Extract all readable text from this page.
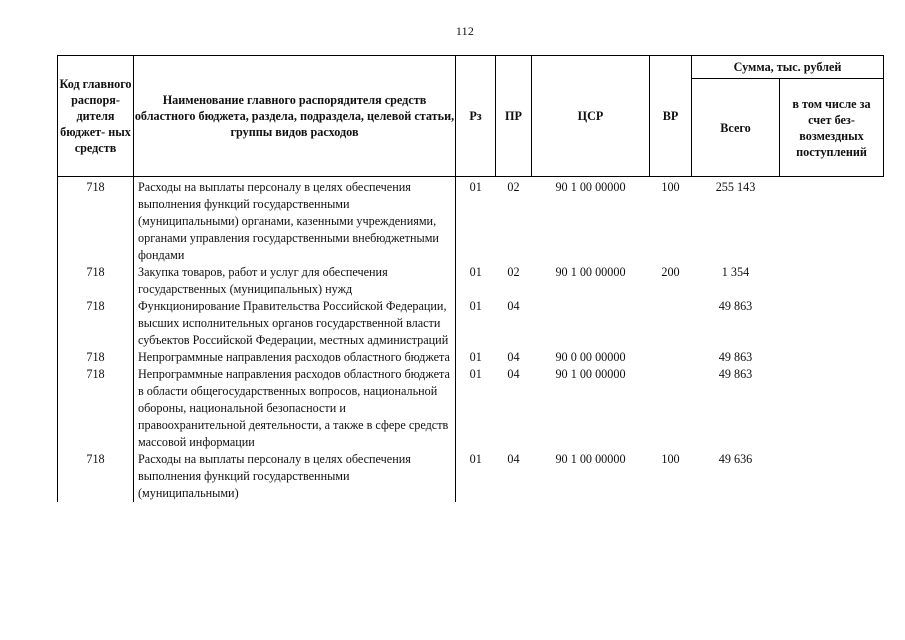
112
Код главного распоря- дителя бюджет- ных средств	Наименование главного распорядителя средств областного бюджета, раздела, подраздела, целевой статьи, группы видов расходов	Рз	ПР	ЦСР	ВР	Сумма, тыс. рублей	
						Всего	в том числе за счет без- возмездных поступлений
718	Расходы на выплаты персоналу в целях обеспечения выполнения функций государственными (муниципальными) органами, казенными учреждениями, органами управления государственными внебюджетными фондами	01	02	90 1 00 00000	100	255 143	
718	Закупка товаров, работ и услуг для обеспечения государственных (муниципальных) нужд	01	02	90 1 00 00000	200	1 354	
718	Функционирование Правительства Российской Федерации, высших исполнительных органов государственной власти субъектов Российской Федерации, местных администраций	01	04			49 863	
718	Непрограммные направления расходов областного бюджета	01	04	90 0 00 00000		49 863	
718	Непрограммные направления расходов областного бюджета в области общегосударственных вопросов, национальной обороны, национальной безопасности и правоохранительной деятельности, а также в сфере средств массовой информации	01	04	90 1 00 00000		49 863	
718	Расходы на выплаты персоналу в целях обеспечения выполнения функций государственными (муниципальными)	01	04	90 1 00 00000	100	49 636	
